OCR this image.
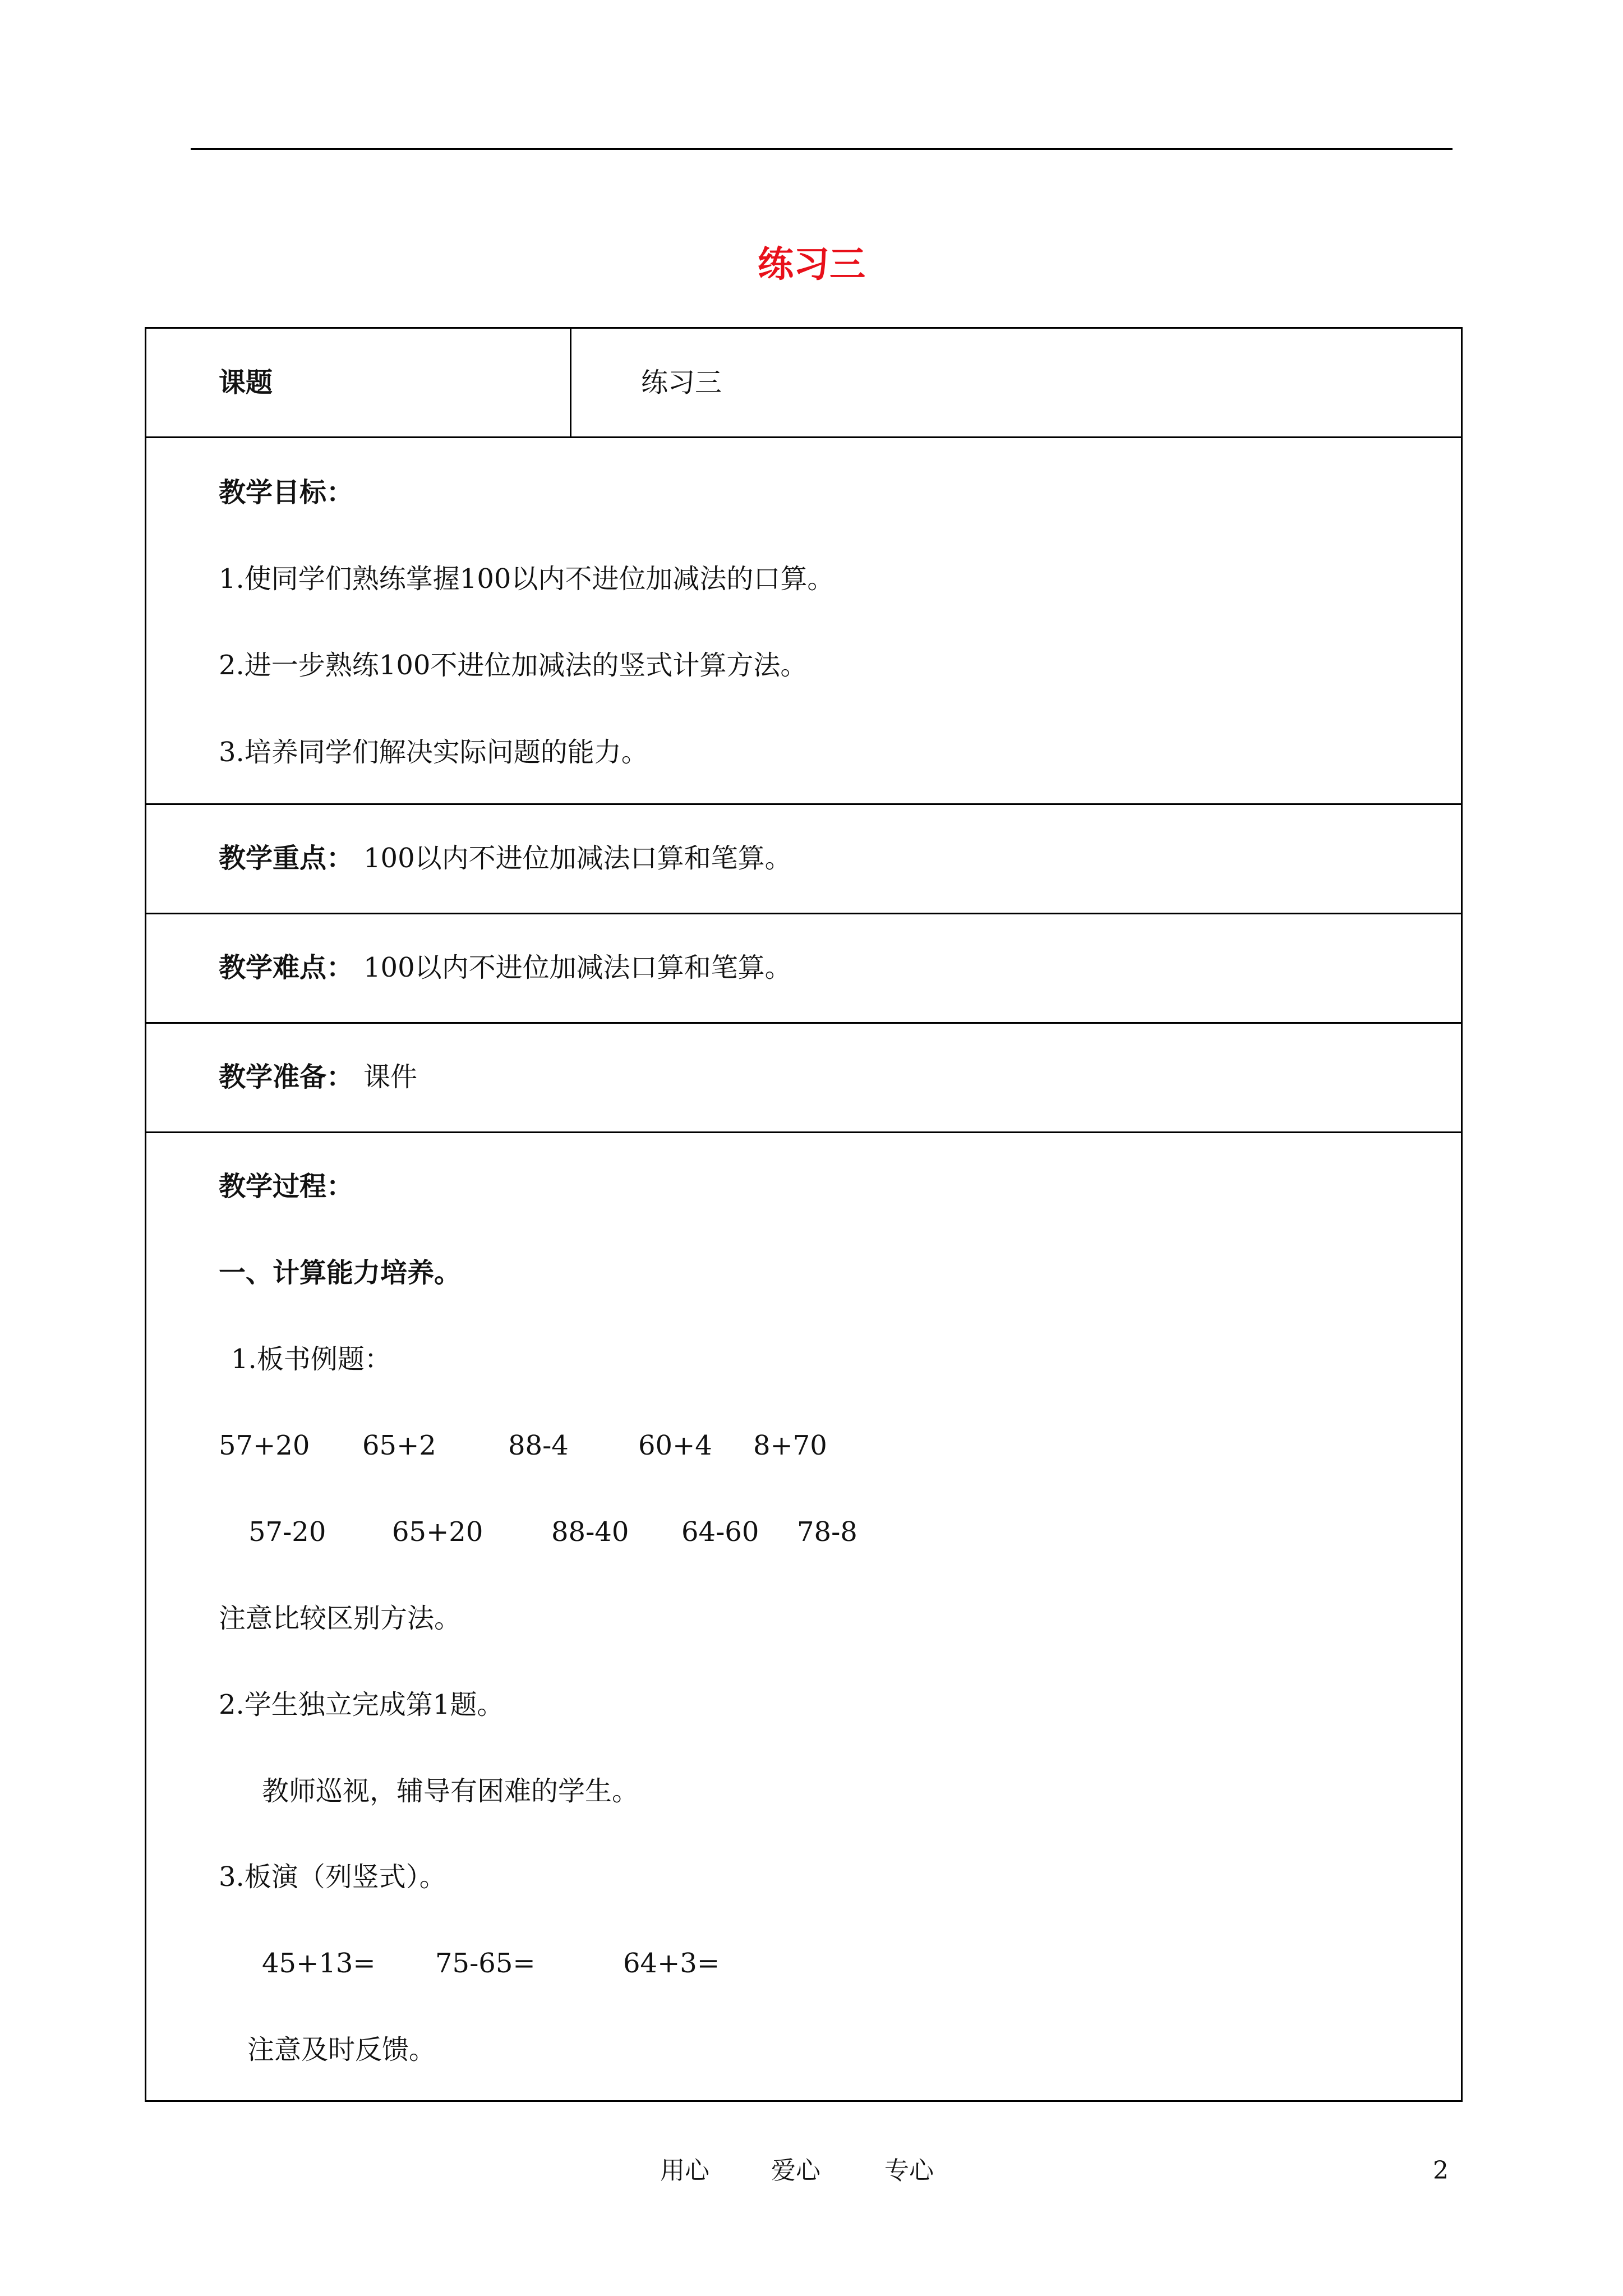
练习三
课题	练习三
教学目标：
1.使同学们熟练掌握100以内不进位加减法的口算。
2.进一步熟练100不进位加减法的竖式计算方法。
3.培养同学们解决实际问题的能力。
教学重点： 100以内不进位加减法口算和笔算。
教学难点： 100以内不进位加减法口算和笔算。
教学准备： 课件
教学过程：
一、计算能力培养。
1.板书例题：
57+20 65+2	88-4	60+4 8+70
57-20 65+20	88-40 64-60 78-8
注意比较区别方法。
2.学生独立完成第1题。
教师巡视，辅导有困难的学生。
3.板演（列竖式）。
45+13= 75-65=	64+3=
注意及时反馈。
用心	爱心	专心	2
